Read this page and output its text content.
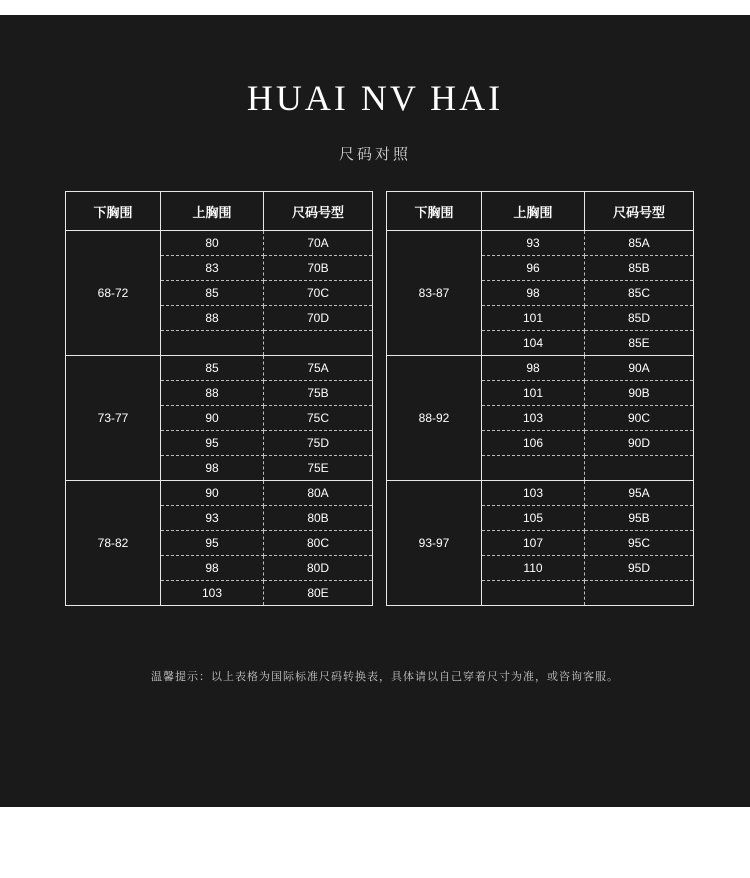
HUAI NV HAI
尺码对照
下胸围	上胸围	尺码号型
68-72	80	70A
	83	70B
	85	70C
	88	70D

73-77	85	75A
	88	75B
	90	75C
	95	75D
	98	75E
78-82	90	80A
	93	80B
	95	80C
	98	80D
	103	80E
下胸围	上胸围	尺码号型
83-87	93	85A
	96	85B
	98	85C
	101	85D
	104	85E
88-92	98	90A
	101	90B
	103	90C
	106	90D

93-97	103	95A
	105	95B
	107	95C
	110	95D

温馨提示：以上表格为国际标准尺码转换表，具体请以自己穿着尺寸为准，或咨询客服。
